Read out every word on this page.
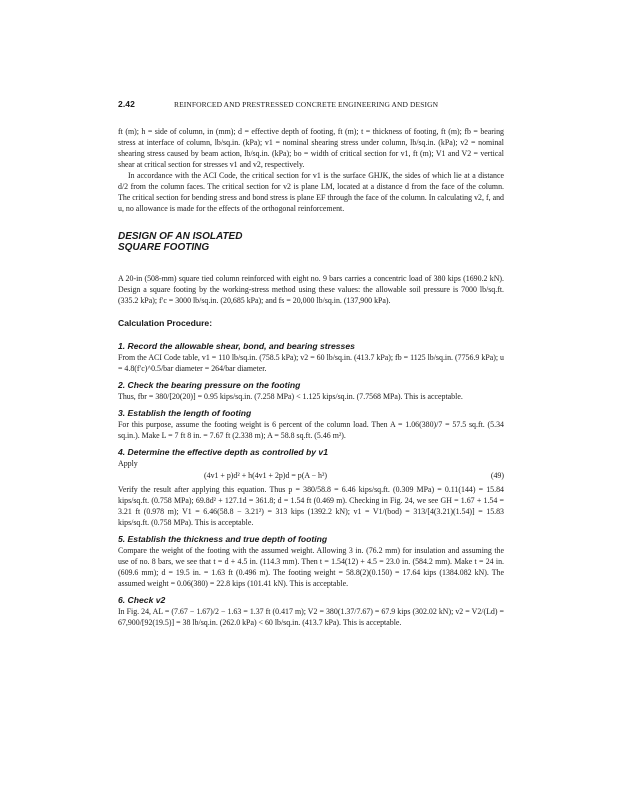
2.42	REINFORCED AND PRESTRESSED CONCRETE ENGINEERING AND DESIGN

ft (m); h = side of column, in (mm); d = effective depth of footing, ft (m); t = thickness of footing, ft (m); fb = bearing stress at interface of column, lb/sq.in. (kPa); v1 = nominal shearing stress under column, lb/sq.in. (kPa); v2 = nominal shearing stress caused by beam action, lb/sq.in. (kPa); bo = width of critical section for v1, ft (m); V1 and V2 = vertical shear at critical section for stresses v1 and v2, respectively.

In accordance with the ACI Code, the critical section for v1 is the surface GHJK, the sides of which lie at a distance d/2 from the column faces. The critical section for v2 is plane LM, located at a distance d from the face of the column. The critical section for bending stress and bond stress is plane EF through the face of the column. In calculating v2, f, and u, no allowance is made for the effects of the orthogonal reinforcement.

DESIGN OF AN ISOLATED
SQUARE FOOTING

A 20-in (508-mm) square tied column reinforced with eight no. 9 bars carries a concentric load of 380 kips (1690.2 kN). Design a square footing by the working-stress method using these values: the allowable soil pressure is 7000 lb/sq.ft. (335.2 kPa); f′c = 3000 lb/sq.in. (20,685 kPa); and fs = 20,000 lb/sq.in. (137,900 kPa).

Calculation Procedure:
1. Record the allowable shear, bond, and bearing stresses

From the ACI Code table, v1 = 110 lb/sq.in. (758.5 kPa); v2 = 60 lb/sq.in. (413.7 kPa); fb = 1125 lb/sq.in. (7756.9 kPa); u = 4.8(f′c)^0.5/bar diameter = 264/bar diameter.

2. Check the bearing pressure on the footing

Thus, fbr = 380/[20(20)] = 0.95 kips/sq.in. (7.258 MPa) < 1.125 kips/sq.in. (7.7568 MPa). This is acceptable.

3. Establish the length of footing

For this purpose, assume the footing weight is 6 percent of the column load. Then A = 1.06(380)/7 = 57.5 sq.ft. (5.34 sq.in.). Make L = 7 ft 8 in. = 7.67 ft (2.338 m); A = 58.8 sq.ft. (5.46 m²).

4. Determine the effective depth as controlled by v1

Apply

(4v1 + p)d² + h(4v1 + 2p)d = p(A − h²)	(49)

Verify the result after applying this equation. Thus p = 380/58.8 = 6.46 kips/sq.ft. (0.309 MPa) = 0.11(144) = 15.84 kips/sq.ft. (0.758 MPa); 69.8d² + 127.1d = 361.8; d = 1.54 ft (0.469 m). Checking in Fig. 24, we see GH = 1.67 + 1.54 = 3.21 ft (0.978 m); V1 = 6.46(58.8 − 3.21²) = 313 kips (1392.2 kN); v1 = V1/(bod) = 313/[4(3.21)(1.54)] = 15.83 kips/sq.ft. (0.758 MPa). This is acceptable.

5. Establish the thickness and true depth of footing

Compare the weight of the footing with the assumed weight. Allowing 3 in. (76.2 mm) for insulation and assuming the use of no. 8 bars, we see that t = d + 4.5 in. (114.3 mm). Then t = 1.54(12) + 4.5 = 23.0 in. (584.2 mm). Make t = 24 in. (609.6 mm); d = 19.5 in. = 1.63 ft (0.496 m). The footing weight = 58.8(2)(0.150) = 17.64 kips (1384.082 kN). The assumed weight = 0.06(380) = 22.8 kips (101.41 kN). This is acceptable.

6. Check v2

In Fig. 24, AL = (7.67 − 1.67)/2 − 1.63 = 1.37 ft (0.417 m); V2 = 380(1.37/7.67) = 67.9 kips (302.02 kN); v2 = V2/(Ld) = 67,900/[92(19.5)] = 38 lb/sq.in. (262.0 kPa) < 60 lb/sq.in. (413.7 kPa). This is acceptable.
